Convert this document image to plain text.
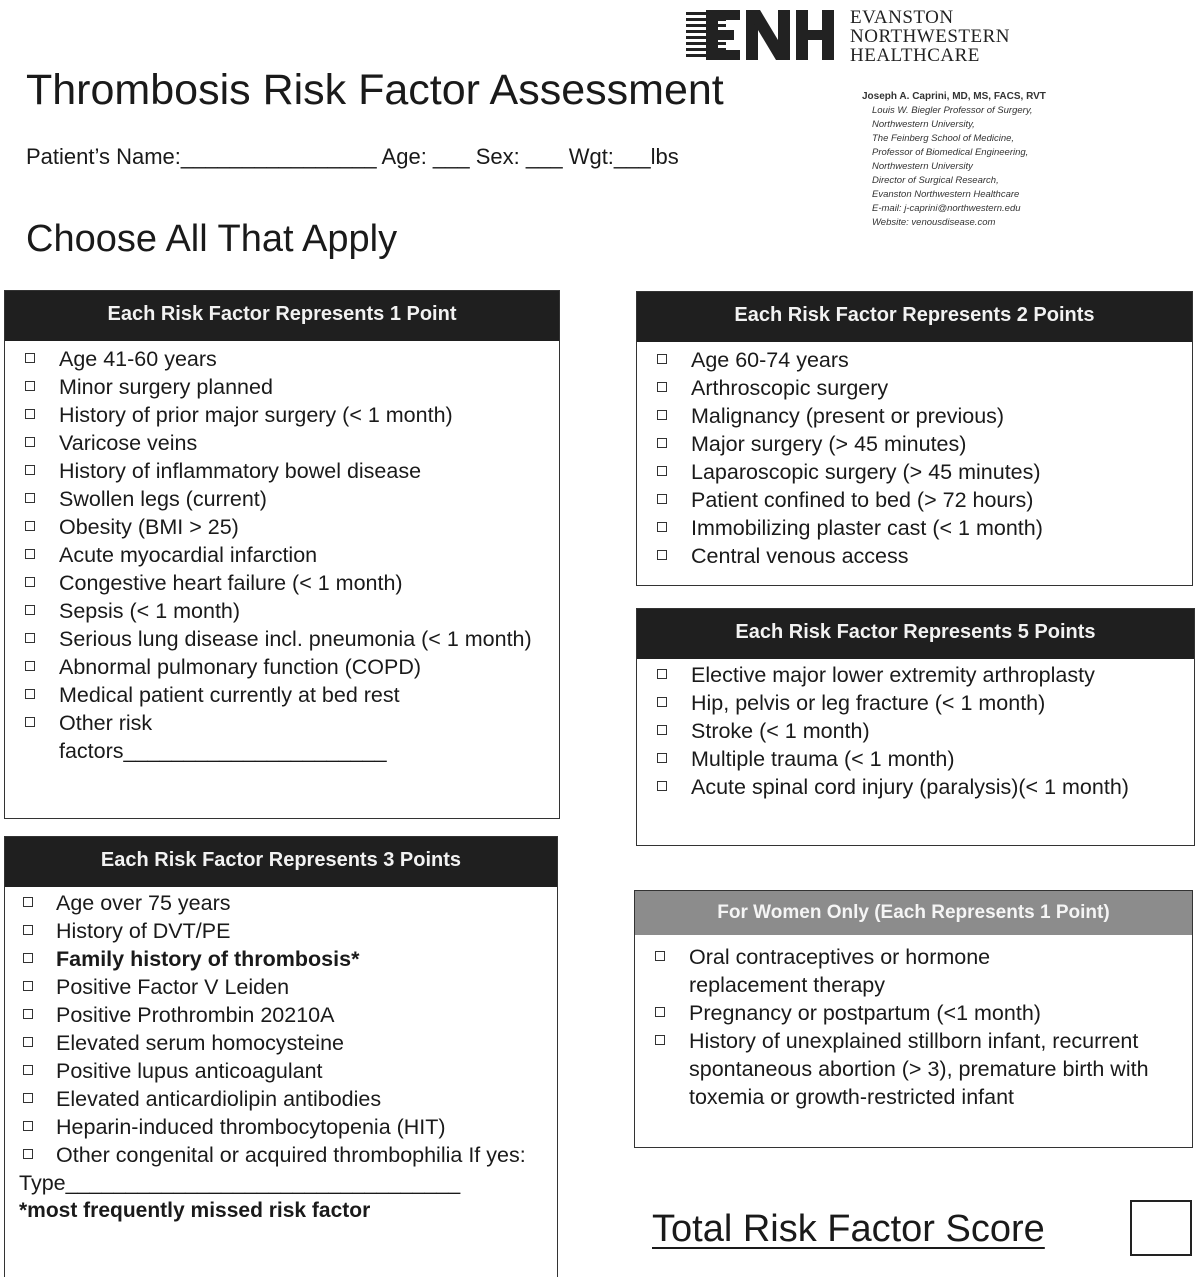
EVANSTON
NORTHWESTERN
HEALTHCARE
Thrombosis Risk Factor Assessment
Patient’s Name:________________ Age: ___ Sex: ___ Wgt:___lbs
Choose All That Apply
Joseph A. Caprini, MD, MS, FACS, RVT
Louis W. Biegler Professor of Surgery,
Northwestern University,
The Feinberg School of Medicine,
Professor of Biomedical Engineering,
Northwestern University
Director of Surgical Research,
Evanston Northwestern Healthcare
E-mail: j-caprini@northwestern.edu
Website: venousdisease.com
Each Risk Factor Represents 1 Point
Age 41-60 years
Minor surgery planned
History of prior major surgery (< 1 month)
Varicose veins
History of inflammatory bowel disease
Swollen legs (current)
Obesity (BMI > 25)
Acute myocardial infarction
Congestive heart failure (< 1 month)
Sepsis (< 1 month)
Serious lung disease incl. pneumonia (< 1 month)
Abnormal pulmonary function (COPD)
Medical patient currently at bed rest
Other risk factors______________________
Each Risk Factor Represents 2 Points
Age 60-74 years
Arthroscopic surgery
Malignancy (present or previous)
Major surgery (> 45 minutes)
Laparoscopic surgery (> 45 minutes)
Patient confined to bed (> 72 hours)
Immobilizing plaster cast (< 1 month)
Central venous access
Each Risk Factor Represents 5 Points
Elective major lower extremity arthroplasty
Hip, pelvis or leg fracture (< 1 month)
Stroke (< 1 month)
Multiple trauma (< 1 month)
Acute spinal cord injury (paralysis)(< 1 month)
Each Risk Factor Represents 3 Points
Age over 75 years
History of DVT/PE
Family history of thrombosis*
Positive Factor V Leiden
Positive Prothrombin 20210A
Elevated serum homocysteine
Positive lupus anticoagulant
Elevated anticardiolipin antibodies
Heparin-induced thrombocytopenia (HIT)
Other congenital or acquired thrombophilia If yes:
Type_________________________________
*most frequently missed risk factor
For Women Only (Each Represents 1 Point)
Oral contraceptives or hormone replacement therapy
Pregnancy or postpartum (<1 month)
History of unexplained stillborn infant, recurrent spontaneous abortion (> 3), premature birth with toxemia or growth-restricted infant
Total Risk Factor Score
